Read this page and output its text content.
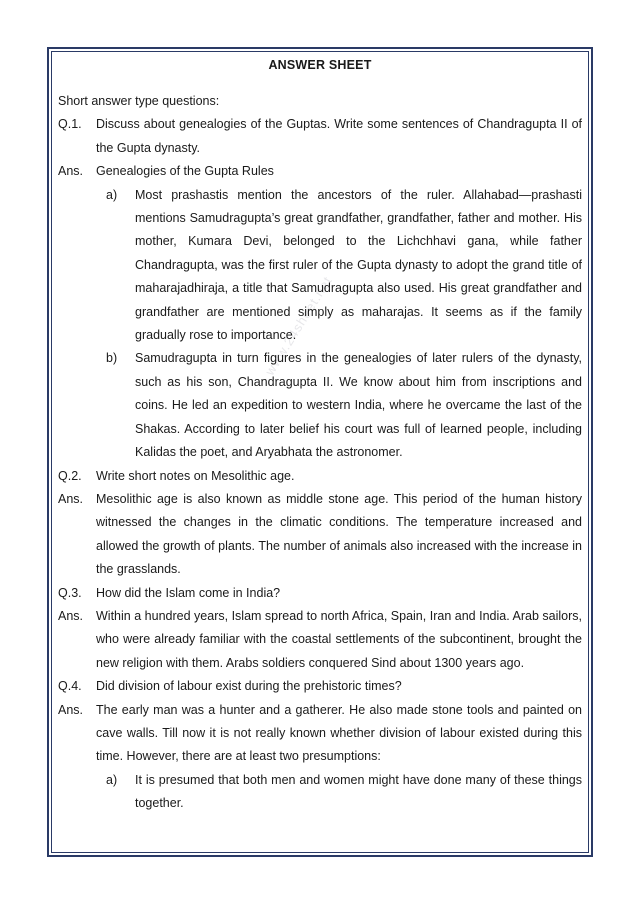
ANSWER SHEET
www.24sheet.net
Short answer type questions:
Q.1.	Discuss about genealogies of the Guptas. Write some sentences of Chandragupta II of the Gupta dynasty.
Ans.	Genealogies of the Gupta Rules
a)	Most prashastis mention the ancestors of the ruler. Allahabad—prashasti mentions Samudragupta’s great grandfather, grandfather, father and mother. His mother, Kumara Devi, belonged to the Lichchhavi gana, while father Chandragupta, was the first ruler of the Gupta dynasty to adopt the grand title of maharajadhiraja, a title that Samudragupta also used. His great grandfather and grandfather are mentioned simply as maharajas. It seems as if the family gradually rose to importance.
b)	Samudragupta in turn figures in the genealogies of later rulers of the dynasty, such as his son, Chandragupta II. We know about him from inscriptions and coins. He led an expedition to western India, where he overcame the last of the Shakas. According to later belief his court was full of learned people, including Kalidas the poet, and Aryabhata the astronomer.
Q.2.	Write short notes on Mesolithic age.
Ans.	Mesolithic age is also known as middle stone age. This period of the human history witnessed the changes in the climatic conditions. The temperature increased and allowed the growth of plants. The number of animals also increased with the increase in the grasslands.
Q.3.	How did the Islam come in India?
Ans.	Within a hundred years, Islam spread to north Africa, Spain, Iran and India. Arab sailors, who were already familiar with the coastal settlements of the subcontinent, brought the new religion with them. Arabs soldiers conquered Sind about 1300 years ago.
Q.4.	Did division of labour exist during the prehistoric times?
Ans.	The early man was a hunter and a gatherer. He also made stone tools and painted on cave walls. Till now it is not really known whether division of labour existed during this time. However, there are at least two presumptions:
a)	It is presumed that both men and women might have done many of these things together.
